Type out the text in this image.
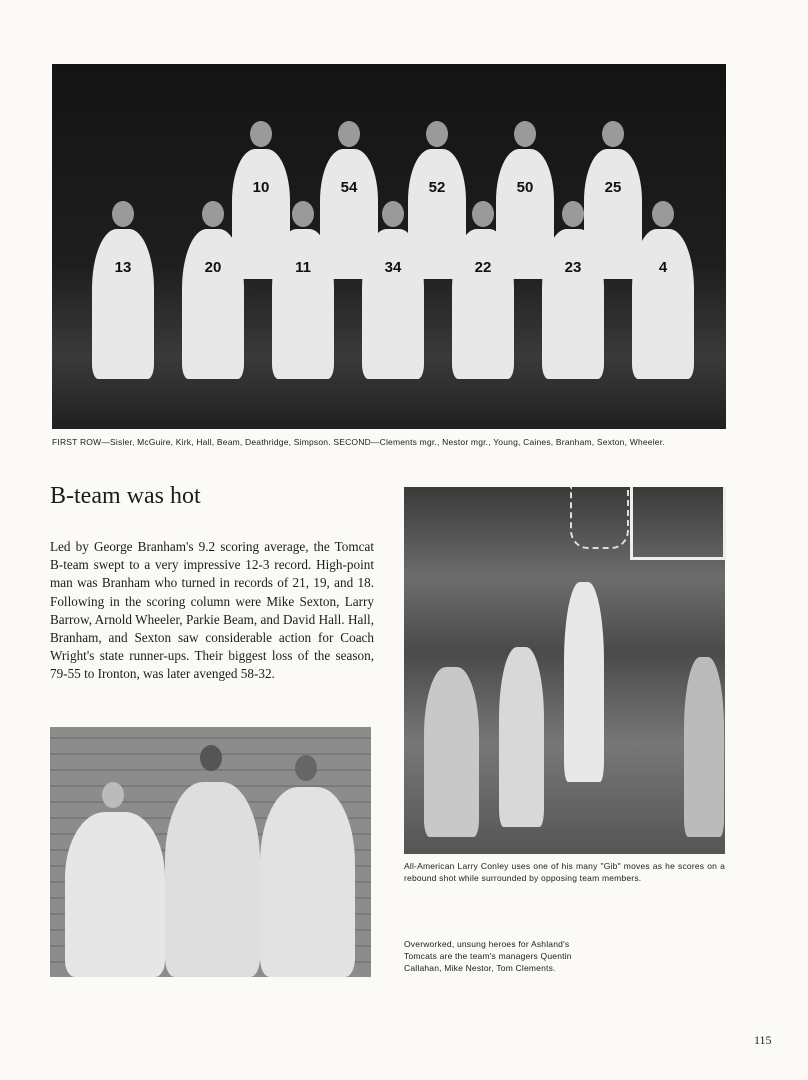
10	54	52	50	25
13	20	11	34	22	23	4
FIRST ROW—Sisler, McGuire, Kirk, Hall, Beam, Deathridge, Simpson. SECOND—Clements mgr., Nestor mgr., Young, Caines, Branham, Sexton, Wheeler.
B-team was hot
Led by George Branham's 9.2 scoring average, the Tomcat B-team swept to a very impressive 12-3 record. High-point man was Branham who turned in records of 21, 19, and 18. Following in the scoring column were Mike Sexton, Larry Barrow, Arnold Wheeler, Parkie Beam, and David Hall. Hall, Branham, and Sexton saw considerable action for Coach Wright's state runner-ups. Their biggest loss of the season, 79-55 to Ironton, was later avenged 58-32.
All-American Larry Conley uses one of his many "Gib" moves as he scores on a rebound shot while surrounded by opposing team members.
Overworked, unsung heroes for Ashland's Tomcats are the team's managers Quentin Callahan, Mike Nestor, Tom Clements.
115
